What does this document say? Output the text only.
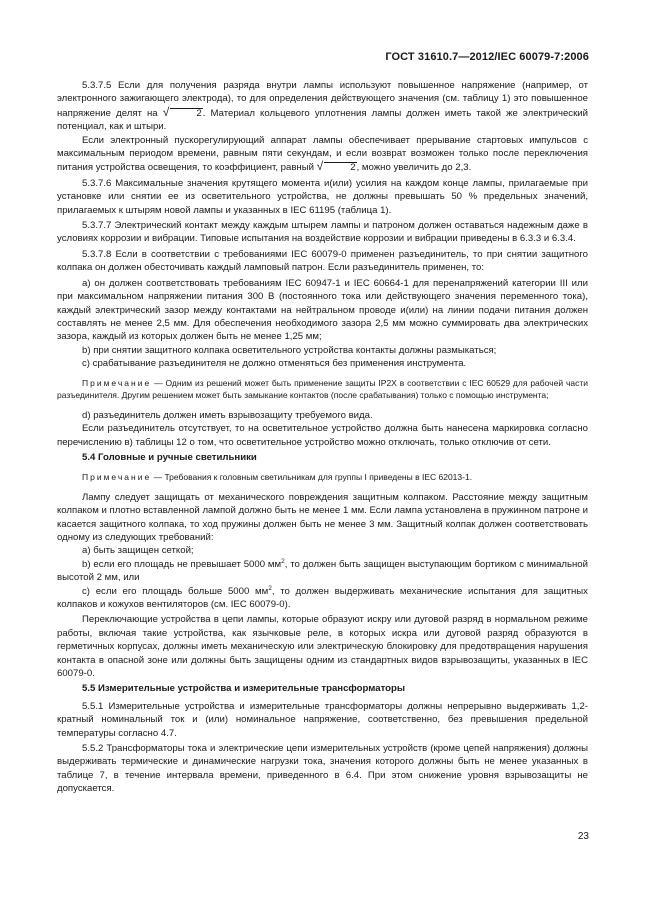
ГОСТ 31610.7—2012/IEC 60079-7:2006

5.3.7.5 Если для получения разряда внутри лампы используют повышенное напряжение (например, от электронного зажигающего электрода), то для определения действующего значения (см. таблицу 1) это повышенное напряжение делят на √	2. Материал кольцевого уплотнения лампы должен иметь такой же электрический потенциал, как и штыри.

Если электронный пускорегулирующий аппарат лампы обеспечивает прерывание стартовых импульсов с максимальным периодом времени, равным пяти секундам, и если возврат возможен только после переключения питания устройства освещения, то коэффициент, равный √	2, можно увеличить до 2,3.

5.3.7.6 Максимальные значения крутящего момента и(или) усилия на каждом конце лампы, прилагаемые при установке или снятии ее из осветительного устройства, не должны превышать 50 % предельных значений, прилагаемых к штырям новой лампы и указанных в IEC 61195 (таблица 1).

5.3.7.7 Электрический контакт между каждым штырем лампы и патроном должен оставаться надежным даже в условиях коррозии и вибрации. Типовые испытания на воздействие коррозии и вибрации приведены в 6.3.3 и 6.3.4.

5.3.7.8 Если в соответствии с требованиями IEC 60079-0 применен разъединитель, то при снятии защитного колпака он должен обесточивать каждый ламповый патрон. Если разъединитель применен, то:

а) он должен соответствовать требованиям IEC 60947-1 и IEC 60664-1 для перенапряжений категории III или при максимальном напряжении питания 300 В (постоянного тока или действующего значения переменного тока), каждый электрический зазор между контактами на нейтральном проводе и(или) на линии подачи питания должен составлять не менее 2,5 мм. Для обеспечения необходимого зазора 2,5 мм можно суммировать два электрических зазора, каждый из которых должен быть не менее 1,25 мм;

b) при снятии защитного колпака осветительного устройства контакты должны размыкаться;

c) срабатывание разъединителя не должно отменяться без применения инструмента.

Примечание — Одним из решений может быть применение защиты IP2X в соответствии с IEC 60529 для рабочей части разъединителя. Другим решением может быть замыкание контактов (после срабатывания) только с помощью инструмента;

d) разъединитель должен иметь взрывозащиту требуемого вида.

Если разъединитель отсутствует, то на осветительное устройство должна быть нанесена маркировка согласно перечислению в) таблицы 12 о том, что осветительное устройство можно отключать, только отключив от сети.

5.4 Головные и ручные светильники

Примечание — Требования к головным светильникам для группы I приведены в IEC 62013-1.

Лампу следует защищать от механического повреждения защитным колпаком. Расстояние между защитным колпаком и плотно вставленной лампой должно быть не менее 1 мм. Если лампа установлена в пружинном патроне и касается защитного колпака, то ход пружины должен быть не менее 3 мм. Защитный колпак должен соответствовать одному из следующих требований:

а) быть защищен сеткой;

b) если его площадь не превышает 5000 $мм^2$, то должен быть защищен выступающим бортиком с минимальной высотой 2 мм, или

c) если его площадь больше 5000 $мм^2$, то должен выдерживать механические испытания для защитных колпаков и кожухов вентиляторов (см. IEC 60079-0).

Переключающие устройства в цепи лампы, которые образуют искру или дуговой разряд в нормальном режиме работы, включая такие устройства, как язычковые реле, в которых искра или дуговой разряд образуются в герметичных корпусах, должны иметь механическую или электрическую блокировку для предотвращения нарушения контакта в опасной зоне или должны быть защищены одним из стандартных видов взрывозащиты, указанных в IEC 60079-0.

5.5 Измерительные устройства и измерительные трансформаторы

5.5.1 Измерительные устройства и измерительные трансформаторы должны непрерывно выдерживать 1,2-кратный номинальный ток и (или) номинальное напряжение, соответственно, без превышения предельной температуры согласно 4.7.

5.5.2 Трансформаторы тока и электрические цепи измерительных устройств (кроме цепей напряжения) должны выдерживать термические и динамические нагрузки тока, значения которого должны быть не менее указанных в таблице 7, в течение интервала времени, приведенного в 6.4. При этом снижение уровня взрывозащиты не допускается.

23
